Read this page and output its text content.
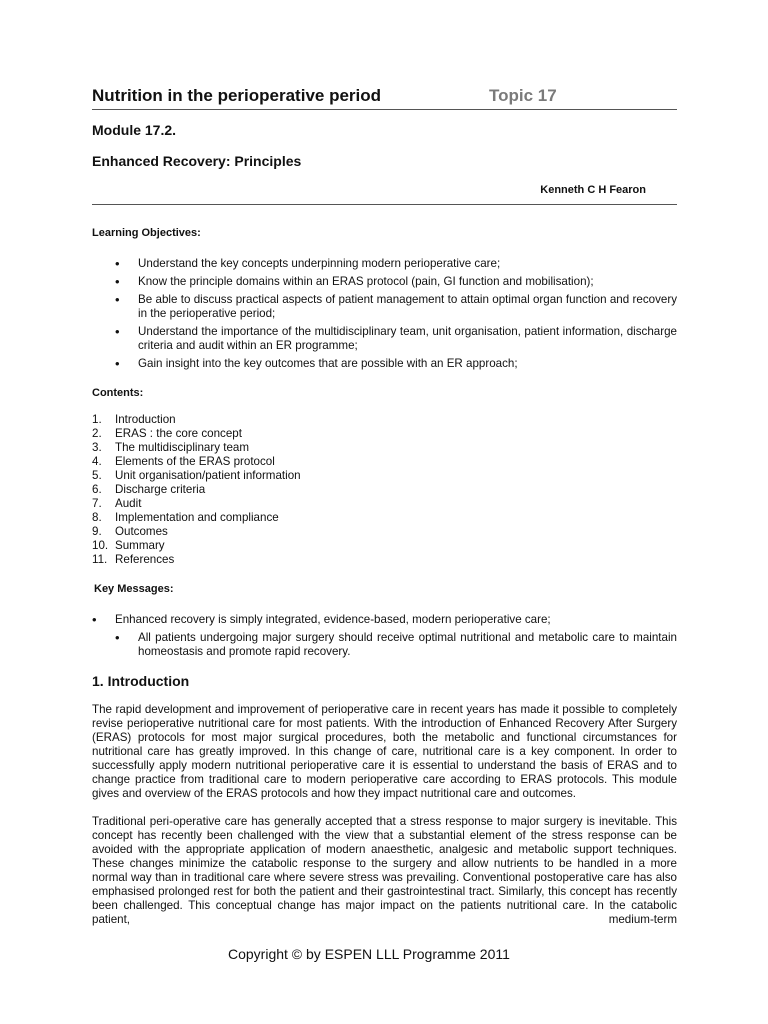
Nutrition in the perioperative period	Topic 17
Module 17.2.
Enhanced Recovery: Principles
Kenneth C H Fearon
Learning Objectives:
• Understand the key concepts underpinning modern perioperative care;
• Know the principle domains within an ERAS protocol (pain, GI function and mobilisation);
• Be able to discuss practical aspects of patient management to attain optimal organ function and recovery in the perioperative period;
• Understand the importance of the multidisciplinary team, unit organisation, patient information, discharge criteria and audit within an ER programme;
• Gain insight into the key outcomes that are possible with an ER approach;
Contents:
1.	Introduction
2.	ERAS : the core concept
3.	The multidisciplinary team
4.	Elements of the ERAS protocol
5.	Unit organisation/patient information
6.	Discharge criteria
7.	Audit
8.	Implementation and compliance
9.	Outcomes
10. Summary
11. References
Key Messages:
• Enhanced recovery is simply integrated, evidence-based, modern perioperative care;
• All patients undergoing major surgery should receive optimal nutritional and metabolic care to maintain homeostasis and promote rapid recovery.
1. Introduction
The rapid development and improvement of perioperative care in recent years has made it possible to completely revise perioperative nutritional care for most patients. With the introduction of Enhanced Recovery After Surgery (ERAS) protocols for most major surgical procedures, both the metabolic and functional circumstances for nutritional care has greatly improved. In this change of care, nutritional care is a key component. In order to successfully apply modern nutritional perioperative care it is essential to understand the basis of ERAS and to change practice from traditional care to modern perioperative care according to ERAS protocols. This module gives and overview of the ERAS protocols and how they impact nutritional care and outcomes.
Traditional peri-operative care has generally accepted that a stress response to major surgery is inevitable. This concept has recently been challenged with the view that a substantial element of the stress response can be avoided with the appropriate application of modern anaesthetic, analgesic and metabolic support techniques. These changes minimize the catabolic response to the surgery and allow nutrients to be handled in a more normal way than in traditional care where severe stress was prevailing. Conventional postoperative care has also emphasised prolonged rest for both the patient and their gastrointestinal tract. Similarly, this concept has recently been challenged. This conceptual change has major impact on the patients nutritional care. In the catabolic patient, medium-term
Copyright © by ESPEN LLL Programme 2011
